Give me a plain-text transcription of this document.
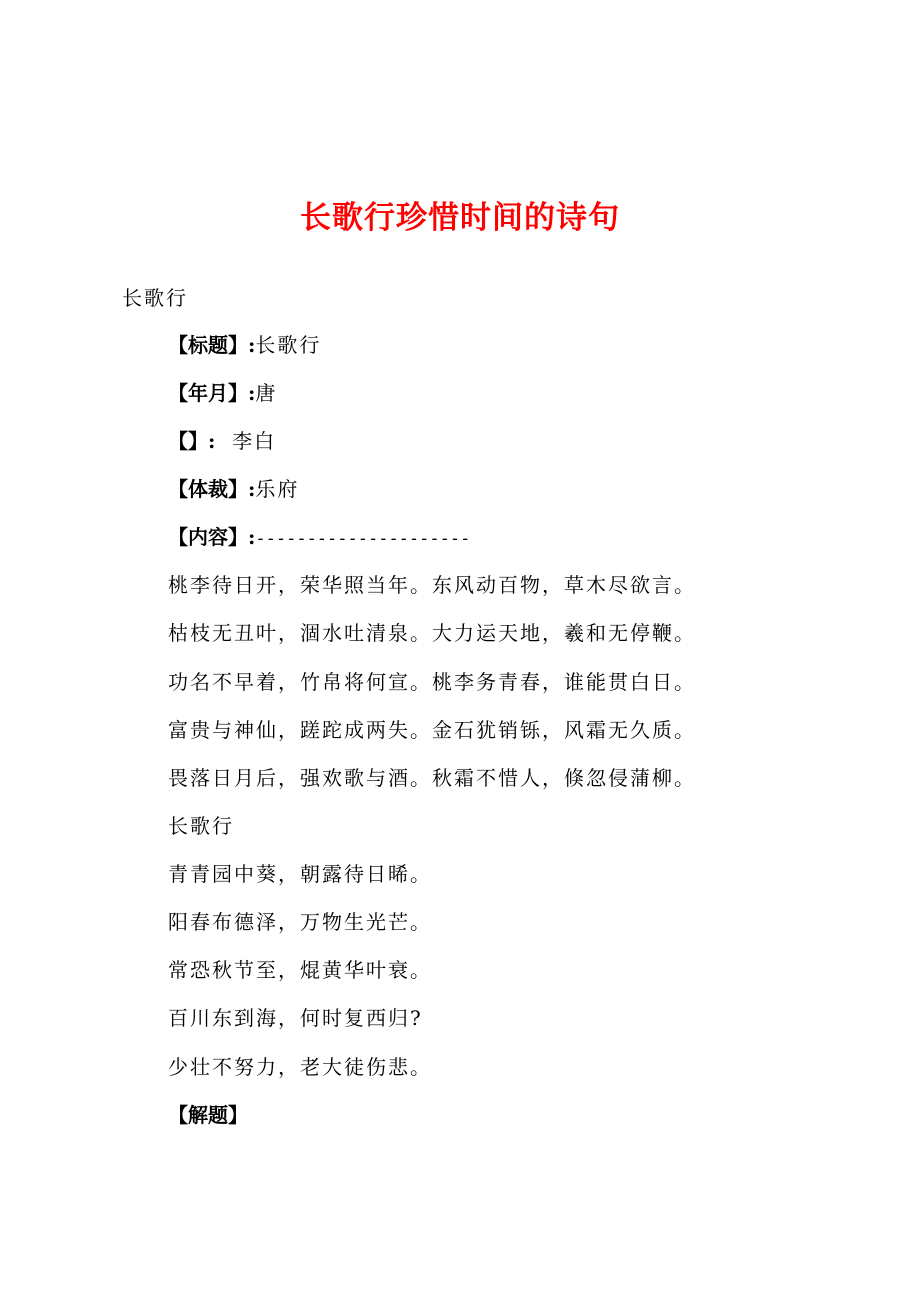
长歌行珍惜时间的诗句
长歌行
【标题】:长歌行
【年月】:唐
【】:  李白
【体裁】:乐府
【内容】:---------------------
桃李待日开，荣华照当年。东风动百物，草木尽欲言。
枯枝无丑叶，涸水吐清泉。大力运天地，羲和无停鞭。
功名不早着，竹帛将何宣。桃李务青春，谁能贯白日。
富贵与神仙，蹉跎成两失。金石犹销铄，风霜无久质。
畏落日月后，强欢歌与酒。秋霜不惜人，倏忽侵蒲柳。
长歌行
青青园中葵，朝露待日晞。
阳春布德泽，万物生光芒。
常恐秋节至，焜黄华叶衰。
百川东到海，何时复西归?
少壮不努力，老大徒伤悲。
【解题】
